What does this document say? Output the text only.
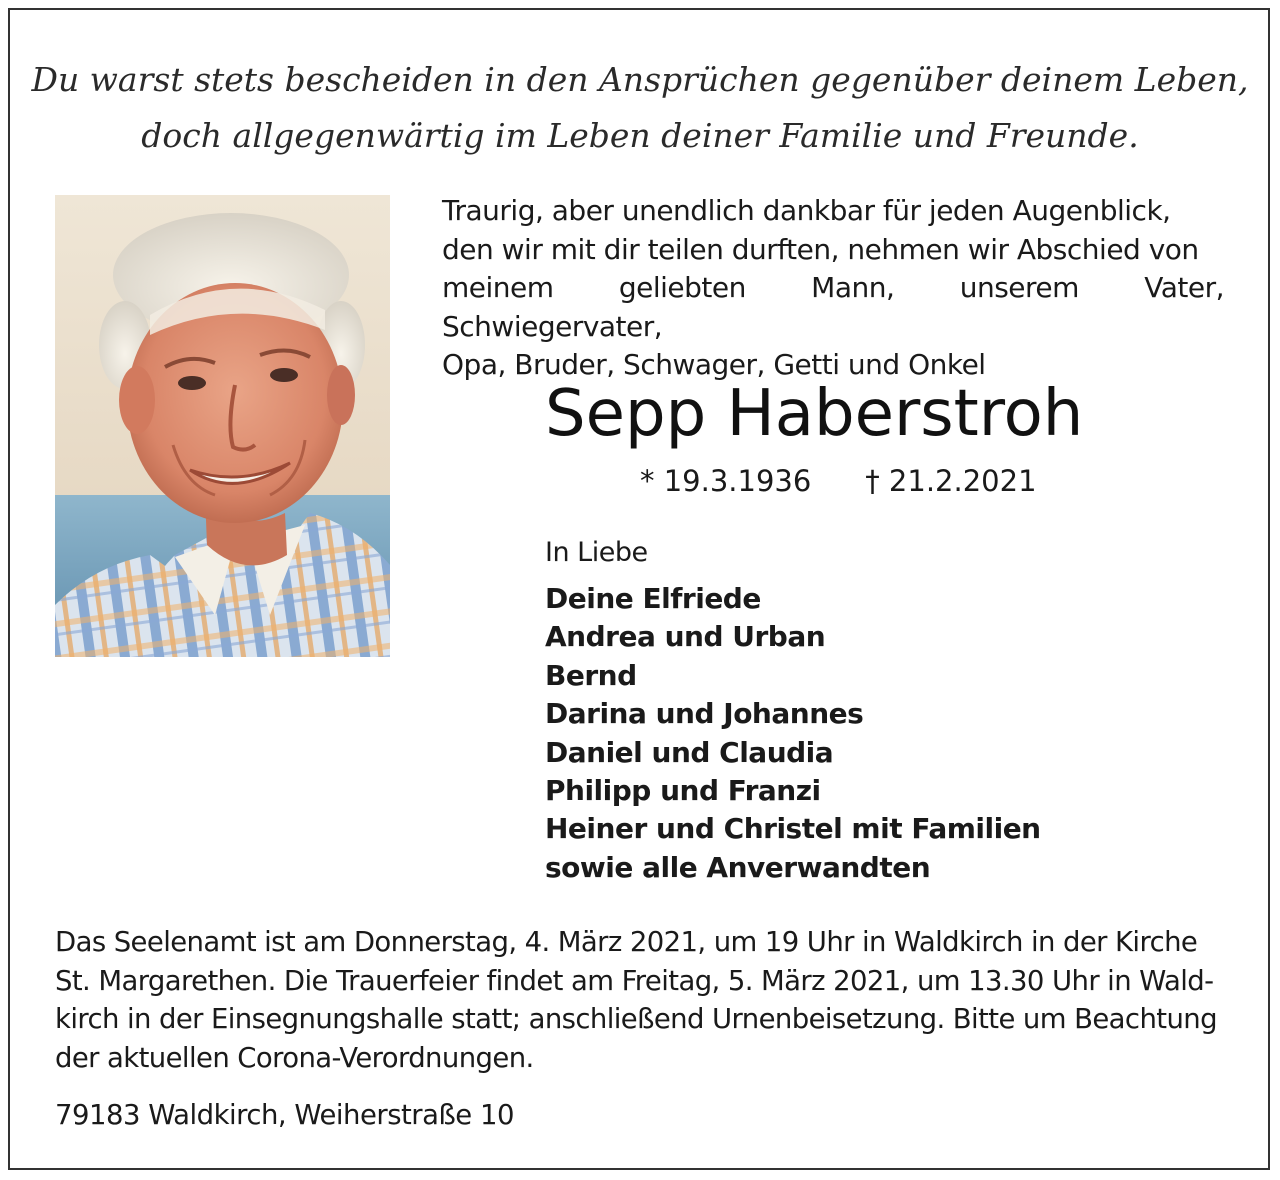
Du warst stets bescheiden in den Ansprüchen gegenüber deinem Leben,
doch allgegenwärtig im Leben deiner Familie und Freunde.
Traurig, aber unendlich dankbar für jeden Augenblick,
den wir mit dir teilen durften, nehmen wir Abschied von
meinem geliebten Mann, unserem Vater, Schwiegervater,
Opa, Bruder, Schwager, Getti und Onkel
Sepp Haberstroh
* 19.3.1936 † 21.2.2021
In Liebe
Deine Elfriede
Andrea und Urban
Bernd
Darina und Johannes
Daniel und Claudia
Philipp und Franzi
Heiner und Christel mit Familien
sowie alle Anverwandten
Das Seelenamt ist am Donnerstag, 4. März 2021, um 19 Uhr in Waldkirch in der Kirche
St. Margarethen. Die Trauerfeier findet am Freitag, 5. März 2021, um 13.30 Uhr in Wald-
kirch in der Einsegnungshalle statt; anschließend Urnenbeisetzung. Bitte um Beachtung
der aktuellen Corona-Verordnungen.
79183 Waldkirch, Weiherstraße 10
